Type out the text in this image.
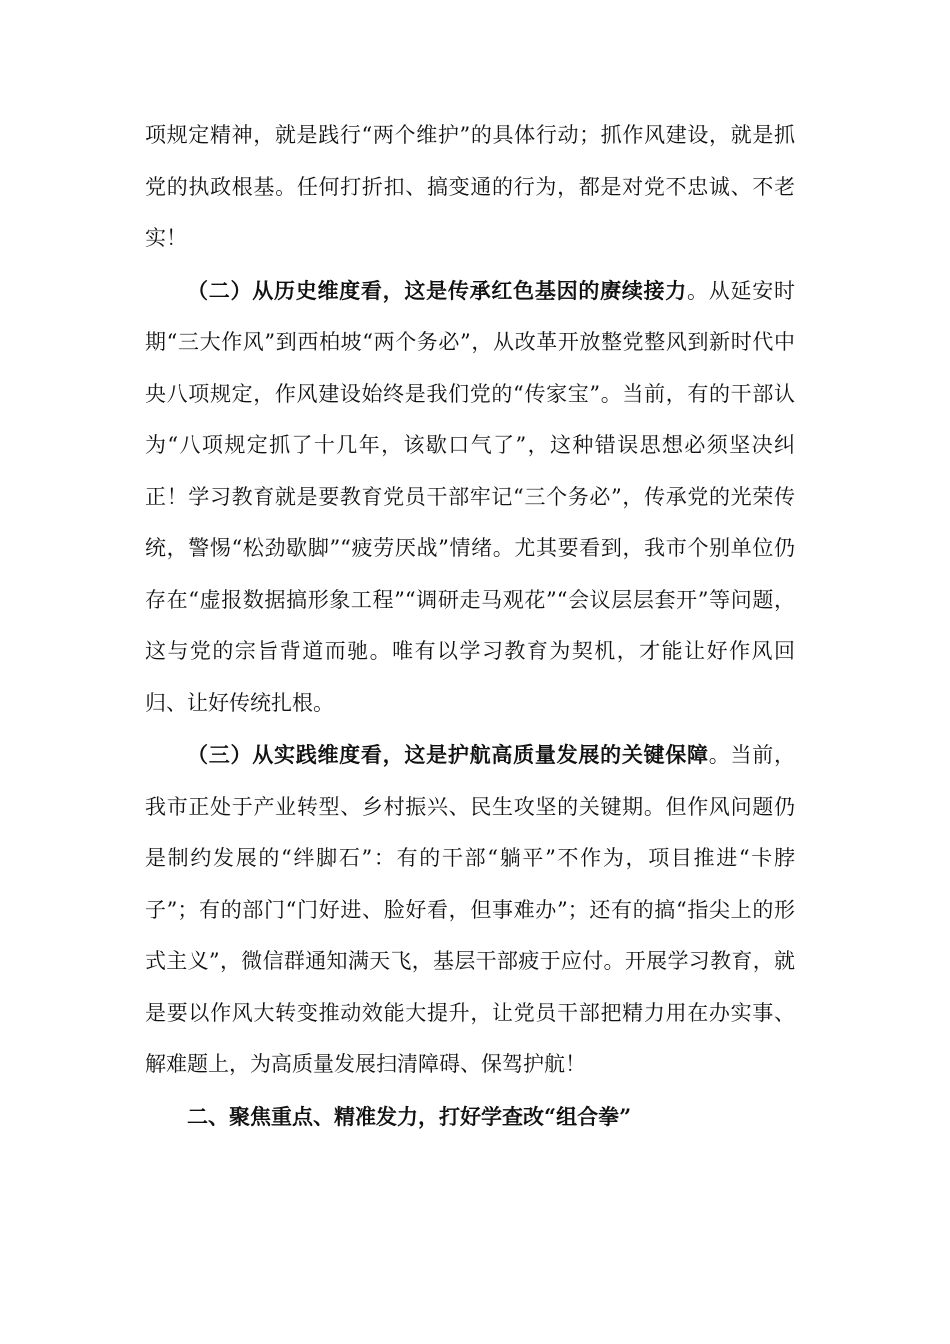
项规定精神，就是践行“两个维护”的具体行动；抓作风建设，就是抓党的执政根基。任何打折扣、搞变通的行为，都是对党不忠诚、不老实！

（二）从历史维度看，这是传承红色基因的赓续接力。从延安时期“三大作风”到西柏坡“两个务必”，从改革开放整党整风到新时代中央八项规定，作风建设始终是我们党的“传家宝”。当前，有的干部认为“八项规定抓了十几年，该歇口气了”，这种错误思想必须坚决纠正！学习教育就是要教育党员干部牢记“三个务必”，传承党的光荣传统，警惕“松劲歇脚”“疲劳厌战”情绪。尤其要看到，我市个别单位仍存在“虚报数据搞形象工程”“调研走马观花”“会议层层套开”等问题，这与党的宗旨背道而驰。唯有以学习教育为契机，才能让好作风回归、让好传统扎根。

（三）从实践维度看，这是护航高质量发展的关键保障。当前，我市正处于产业转型、乡村振兴、民生攻坚的关键期。但作风问题仍是制约发展的“绊脚石”：有的干部“躺平”不作为，项目推进“卡脖子”；有的部门“门好进、脸好看，但事难办”；还有的搞“指尖上的形式主义”，微信群通知满天飞，基层干部疲于应付。开展学习教育，就是要以作风大转变推动效能大提升，让党员干部把精力用在办实事、解难题上，为高质量发展扫清障碍、保驾护航！

二、聚焦重点、精准发力，打好学查改“组合拳”
